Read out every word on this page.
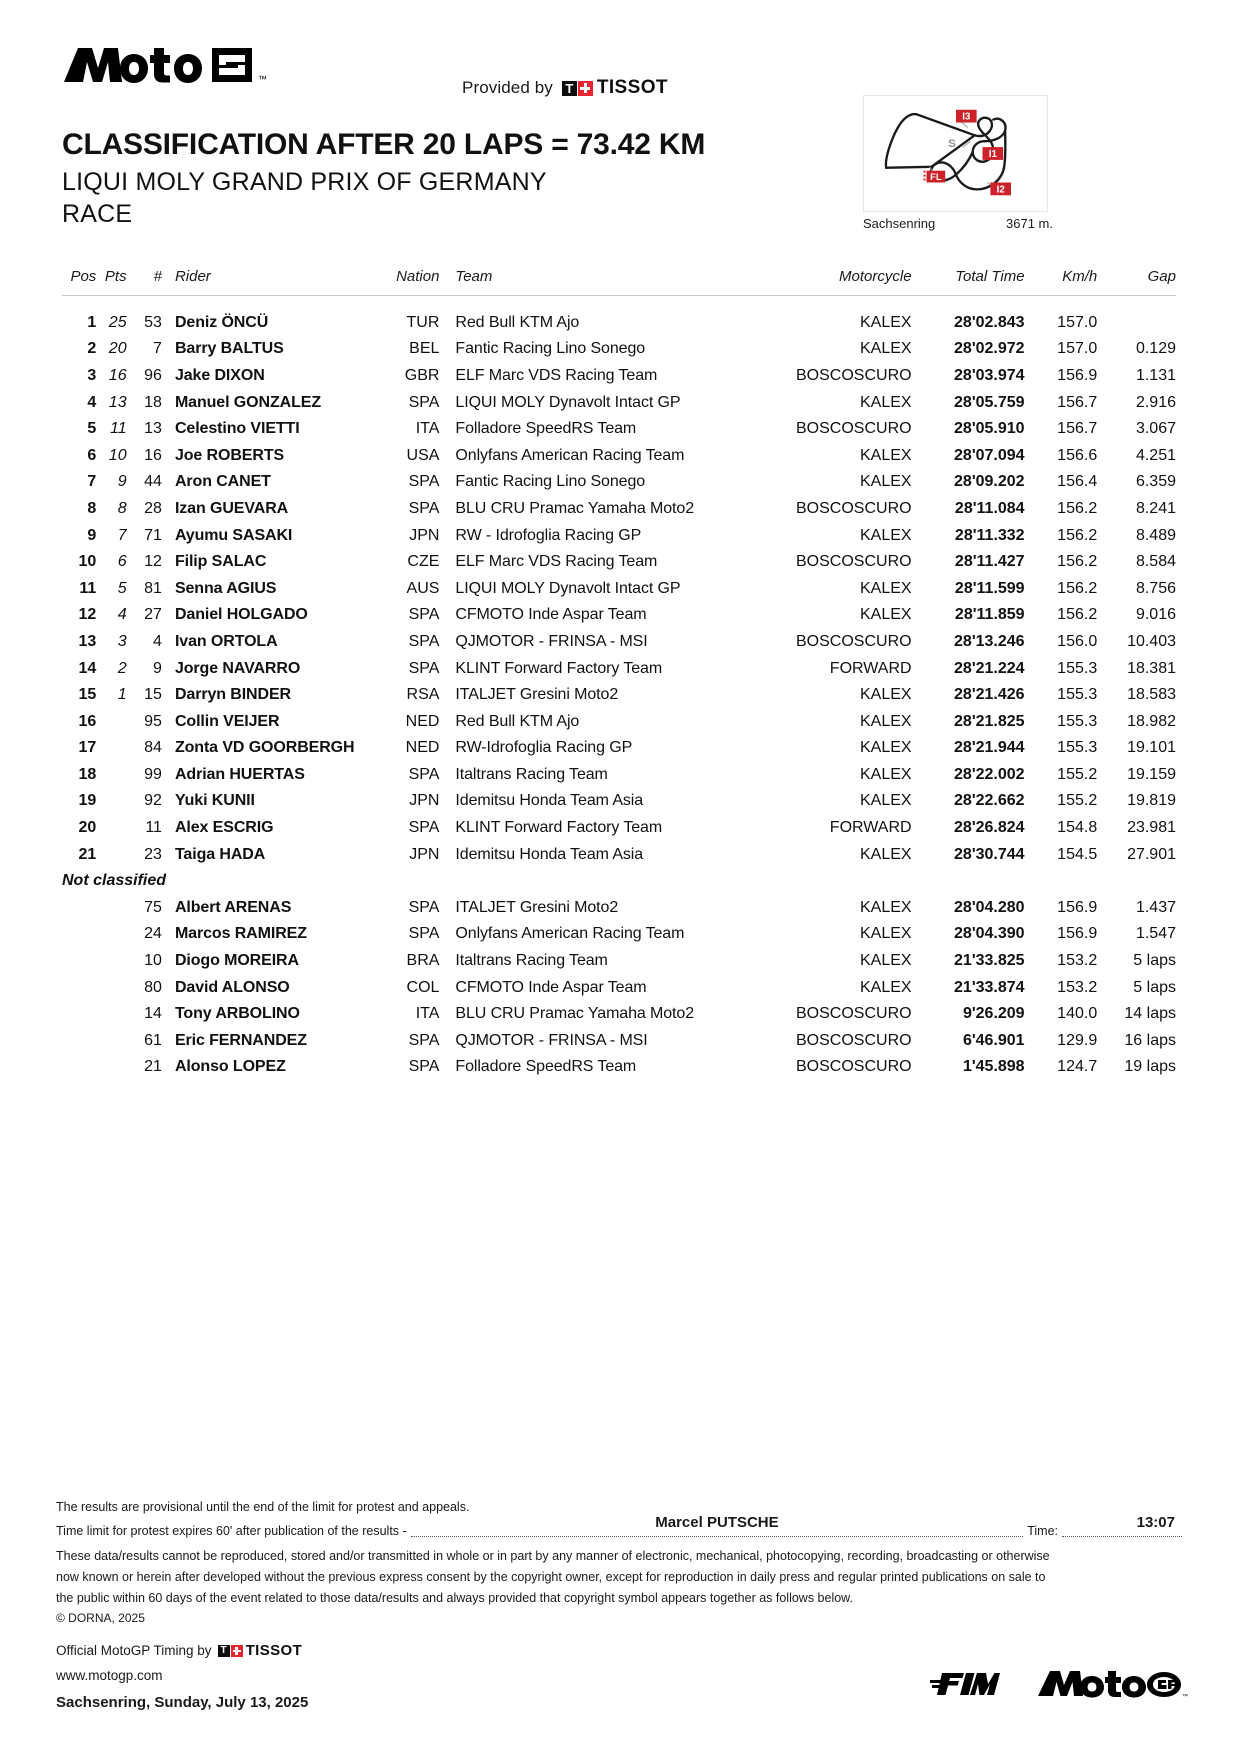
™	Provided by T TISSOT
CLASSIFICATION AFTER 20 LAPS = 73.42 KM
LIQUI MOLY GRAND PRIX OF GERMANY
RACE
FL
S
I3
I1
I2
Sachsenring	3671 m.
Pos	Pts	#	Rider	Nation	Team	Motorcycle	Total Time	Km/h	Gap

1	25	53	Deniz ÖNCÜ	TUR	Red Bull KTM Ajo	KALEX	28'02.843	157.0	
2	20	7	Barry BALTUS	BEL	Fantic Racing Lino Sonego	KALEX	28'02.972	157.0	0.129
3	16	96	Jake DIXON	GBR	ELF Marc VDS Racing Team	BOSCOSCURO	28'03.974	156.9	1.131
4	13	18	Manuel GONZALEZ	SPA	LIQUI MOLY Dynavolt Intact GP	KALEX	28'05.759	156.7	2.916
5	11	13	Celestino VIETTI	ITA	Folladore SpeedRS Team	BOSCOSCURO	28'05.910	156.7	3.067
6	10	16	Joe ROBERTS	USA	Onlyfans American Racing Team	KALEX	28'07.094	156.6	4.251
7	9	44	Aron CANET	SPA	Fantic Racing Lino Sonego	KALEX	28'09.202	156.4	6.359
8	8	28	Izan GUEVARA	SPA	BLU CRU Pramac Yamaha Moto2	BOSCOSCURO	28'11.084	156.2	8.241
9	7	71	Ayumu SASAKI	JPN	RW - Idrofoglia Racing GP	KALEX	28'11.332	156.2	8.489
10	6	12	Filip SALAC	CZE	ELF Marc VDS Racing Team	BOSCOSCURO	28'11.427	156.2	8.584
11	5	81	Senna AGIUS	AUS	LIQUI MOLY Dynavolt Intact GP	KALEX	28'11.599	156.2	8.756
12	4	27	Daniel HOLGADO	SPA	CFMOTO Inde Aspar Team	KALEX	28'11.859	156.2	9.016
13	3	4	Ivan ORTOLA	SPA	QJMOTOR - FRINSA - MSI	BOSCOSCURO	28'13.246	156.0	10.403
14	2	9	Jorge NAVARRO	SPA	KLINT Forward Factory Team	FORWARD	28'21.224	155.3	18.381
15	1	15	Darryn BINDER	RSA	ITALJET Gresini Moto2	KALEX	28'21.426	155.3	18.583
16		95	Collin VEIJER	NED	Red Bull KTM Ajo	KALEX	28'21.825	155.3	18.982
17		84	Zonta VD GOORBERGH	NED	RW-Idrofoglia Racing GP	KALEX	28'21.944	155.3	19.101
18		99	Adrian HUERTAS	SPA	Italtrans Racing Team	KALEX	28'22.002	155.2	19.159
19		92	Yuki KUNII	JPN	Idemitsu Honda Team Asia	KALEX	28'22.662	155.2	19.819
20		11	Alex ESCRIG	SPA	KLINT Forward Factory Team	FORWARD	28'26.824	154.8	23.981
21		23	Taiga HADA	JPN	Idemitsu Honda Team Asia	KALEX	28'30.744	154.5	27.901
Not classified									
		75	Albert ARENAS	SPA	ITALJET Gresini Moto2	KALEX	28'04.280	156.9	1.437
		24	Marcos RAMIREZ	SPA	Onlyfans American Racing Team	KALEX	28'04.390	156.9	1.547
		10	Diogo MOREIRA	BRA	Italtrans Racing Team	KALEX	21'33.825	153.2	5 laps
		80	David ALONSO	COL	CFMOTO Inde Aspar Team	KALEX	21'33.874	153.2	5 laps
		14	Tony ARBOLINO	ITA	BLU CRU Pramac Yamaha Moto2	BOSCOSCURO	9'26.209	140.0	14 laps
		61	Eric FERNANDEZ	SPA	QJMOTOR - FRINSA - MSI	BOSCOSCURO	6'46.901	129.9	16 laps
		21	Alonso LOPEZ	SPA	Folladore SpeedRS Team	BOSCOSCURO	1'45.898	124.7	19 laps
The results are provisional until the end of the limit for protest and appeals.
Time limit for protest expires 60' after publication of the results -	Marcel PUTSCHE	Time:	13:07
These data/results cannot be reproduced, stored and/or transmitted in whole or in part by any manner of electronic, mechanical, photocopying, recording, broadcasting or otherwise
now known or herein after developed without the previous express consent by the copyright owner, except for reproduction in daily press and regular printed publications on sale to
the public within 60 days of the event related to those data/results and always provided that copyright symbol appears together as follows below.
© DORNA, 2025
Official MotoGP Timing by T TISSOT
www.motogp.com
Sachsenring, Sunday, July 13, 2025	™
